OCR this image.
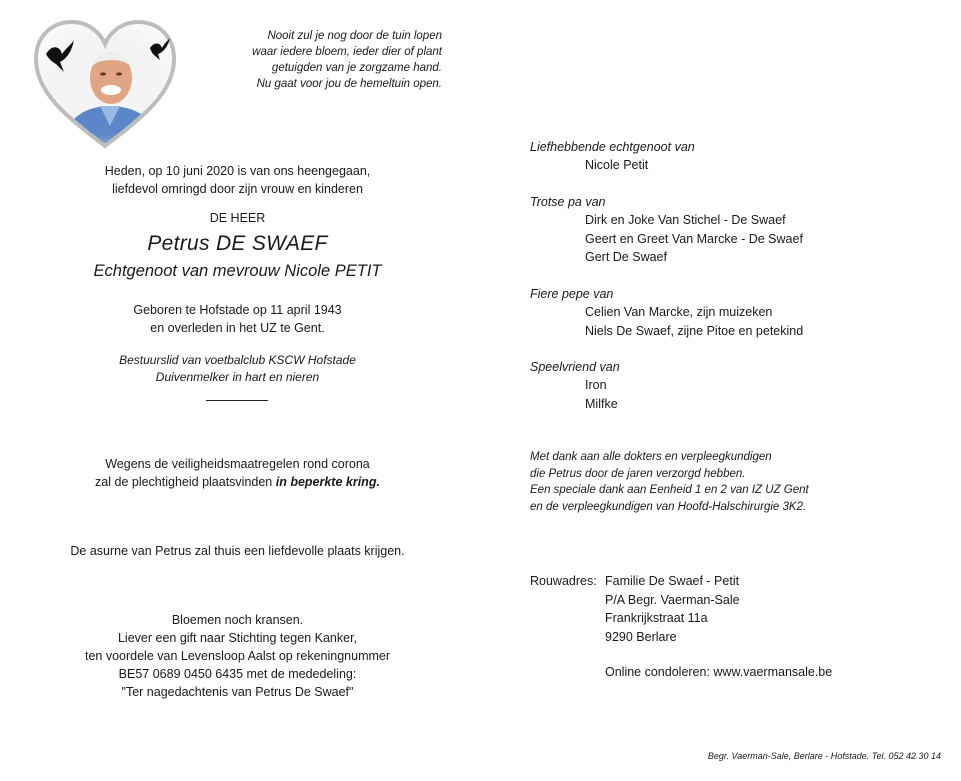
Nooit zul je nog door de tuin lopen
waar iedere bloem, ieder dier of plant
getuigden van je zorgzame hand.
Nu gaat voor jou de hemeltuin open.
Heden, op 10 juni 2020 is van ons heengegaan,
liefdevol omringd door zijn vrouw en kinderen
DE HEER
Petrus DE SWAEF
Echtgenoot van mevrouw Nicole PETIT
Geboren te Hofstade op 11 april 1943
en overleden in het UZ te Gent.
Bestuurslid van voetbalclub KSCW Hofstade
Duivenmelker in hart en nieren
Wegens de veiligheidsmaatregelen rond corona
zal de plechtigheid plaatsvinden in beperkte kring.
De asurne van Petrus zal thuis een liefdevolle plaats krijgen.
Bloemen noch kransen.
Liever een gift naar Stichting tegen Kanker,
ten voordele van Levensloop Aalst op rekeningnummer
BE57 0689 0450 6435 met de mededeling:
"Ter nagedachtenis van Petrus De Swaef"
Liefhebbende echtgenoot van
Nicole Petit
Trotse pa van
Dirk en Joke Van Stichel - De Swaef
Geert en Greet Van Marcke - De Swaef
Gert De Swaef
Fiere pepe van
Celien Van Marcke, zijn muizeken
Niels De Swaef, zijne Pitoe en petekind
Speelvriend van
Iron
Milfke
Met dank aan alle dokters en verpleegkundigen
die Petrus door de jaren verzorgd hebben.
Een speciale dank aan Eenheid 1 en 2 van IZ UZ Gent
en de verpleegkundigen van Hoofd-Halschirurgie 3K2.
Rouwadres: Familie De Swaef - Petit
P/A Begr. Vaerman-Sale
Frankrijkstraat 11a
9290 Berlare
Online condoleren: www.vaermansale.be
Begr. Vaerman-Sale, Berlare - Hofstade. Tel. 052 42 30 14
